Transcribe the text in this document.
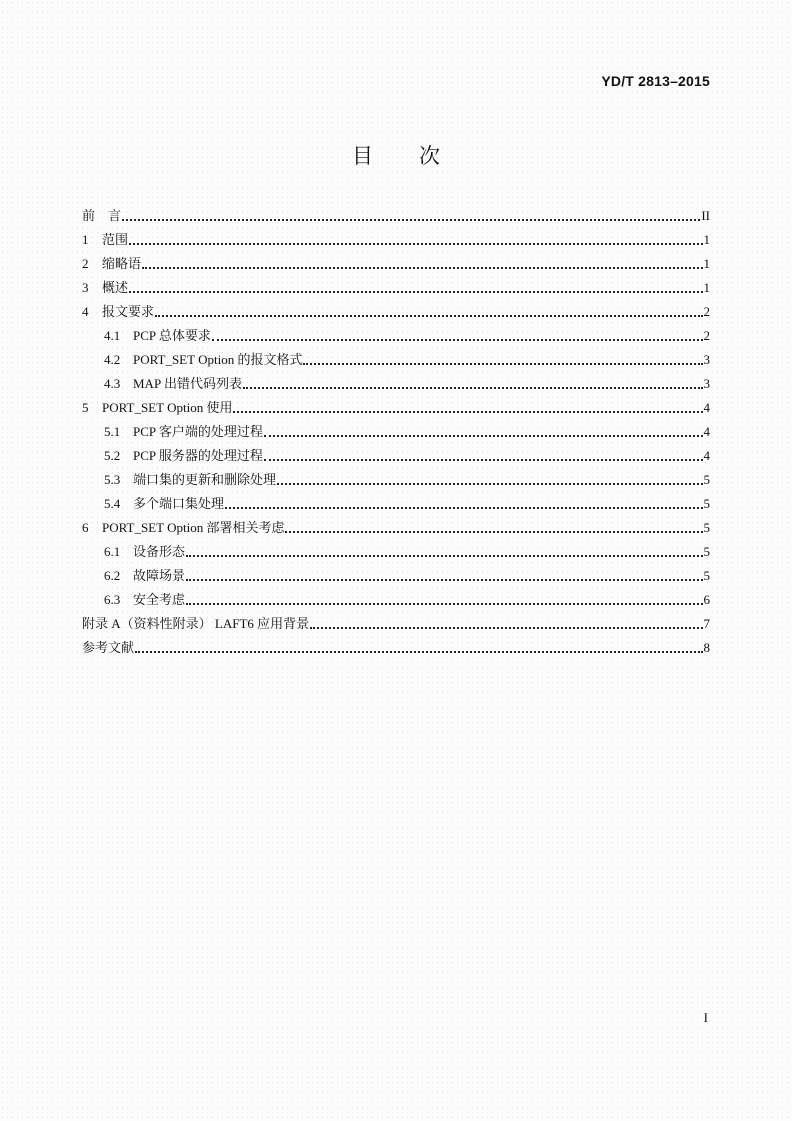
YD/T 2813–2015
目次
前　言	II
1	范围	1
2	缩略语	1
3	概述	1
4	报文要求	2
4.1 PCP 总体要求	2
4.2 PORT_SET Option 的报文格式	3
4.3 MAP 出错代码列表	3
5	PORT_SET Option 使用	4
5.1 PCP 客户端的处理过程	4
5.2 PCP 服务器的处理过程	4
5.3 端口集的更新和删除处理	5
5.4 多个端口集处理	5
6	PORT_SET Option 部署相关考虑	5
6.1 设备形态	5
6.2 故障场景	5
6.3 安全考虑	6
附录 A（资料性附录） LAFT6 应用背景	7
参考文献	8
I
